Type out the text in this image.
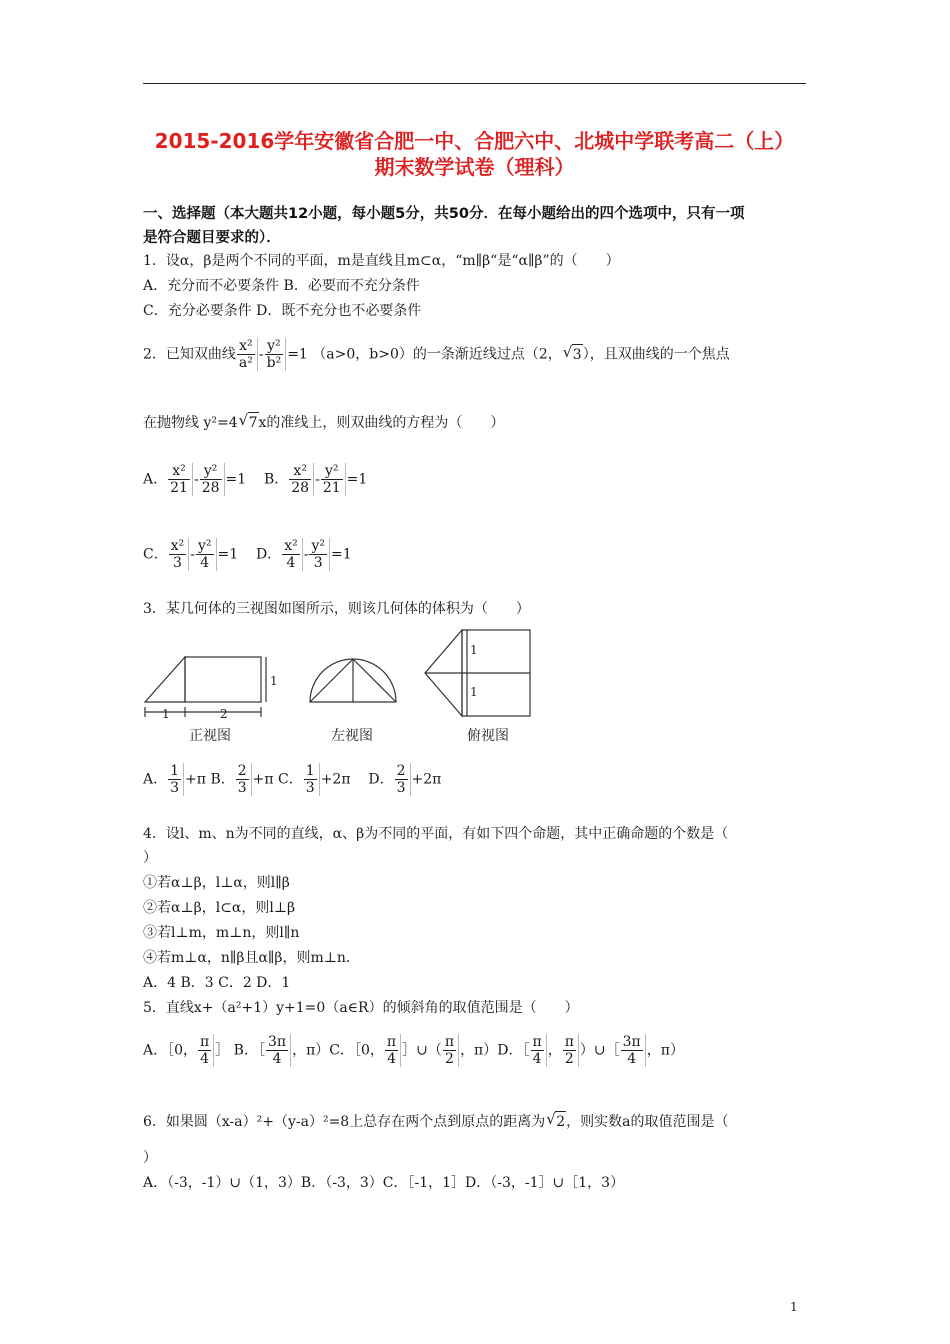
2015-2016学年安徽省合肥一中、合肥六中、北城中学联考高二（上）
期末数学试卷（理科）
一、选择题（本大题共12小题，每小题5分，共50分．在每小题给出的四个选项中，只有一项
是符合题目要求的）．
1．设α，β是两个不同的平面，m是直线且m⊂α，“m∥β“是“α∥β”的（　　）
A．充分而不必要条件 B．必要而不充分条件
C．充分必要条件 D．既不充分也不必要条件
2．已知双曲线 $\frac{\text{x²}}{\text{a²}} - \frac{\text{y²}}{\text{b²}} =1$ （a>0，b>0）的一条渐近线过点（2， √ 3），且双曲线的一个焦点
在抛物线 y²=4 √ 7x的准线上，则双曲线的方程为（　　）
A． $\frac{\text{x²}}{21} - \frac{\text{y²}}{28} =1$ B． $\frac{\text{x²}}{28} - \frac{\text{y²}}{21} =1$
C． $\frac{\text{x²}}{3} - \frac{\text{y²}}{4} =1$ D． $\frac{\text{x²}}{4} - \frac{\text{y²}}{3} =1$
3．某几何体的三视图如图所示，则该几何体的体积为（　　）
1
1	2
正视图	左视图
1
1
俯视图
A． $\frac{1}{3} +\pi$ B． $\frac{2}{3} +\pi$ C． $\frac{1}{3} +2\pi$ D． $\frac{2}{3} +2\pi$
4．设l、m、n为不同的直线，α、β为不同的平面，有如下四个命题，其中正确命题的个数是（
）
①若α⊥β，l⊥α，则l∥β
②若α⊥β，l⊂α，则l⊥β
③若l⊥m，m⊥n，则l∥n
④若m⊥α，n∥β且α∥β，则m⊥n．
A．4 B．3 C．2 D．1
5．直线x+（a²+1）y+1=0（a∈R）的倾斜角的取值范围是（　　）
A．［0， $\frac{\pi}{4}$ ］ B．［ $\frac{3\pi}{4}$ ，π）C．［0， $\frac{\pi}{4}$ ］∪（ $\frac{\pi}{2}$ ，π）D．［ $\frac{\pi}{4}$ ， $\frac{\pi}{2}$ ）∪［ $\frac{3\pi}{4}$ ，π）
6．如果圆（x-a）²+（y-a）²=8上总存在两个点到原点的距离为 √ 2，则实数a的取值范围是（
）
A．（-3，-1）∪（1，3）B．（-3，3）C．［-1，1］D．（-3，-1］∪［1，3）
1
